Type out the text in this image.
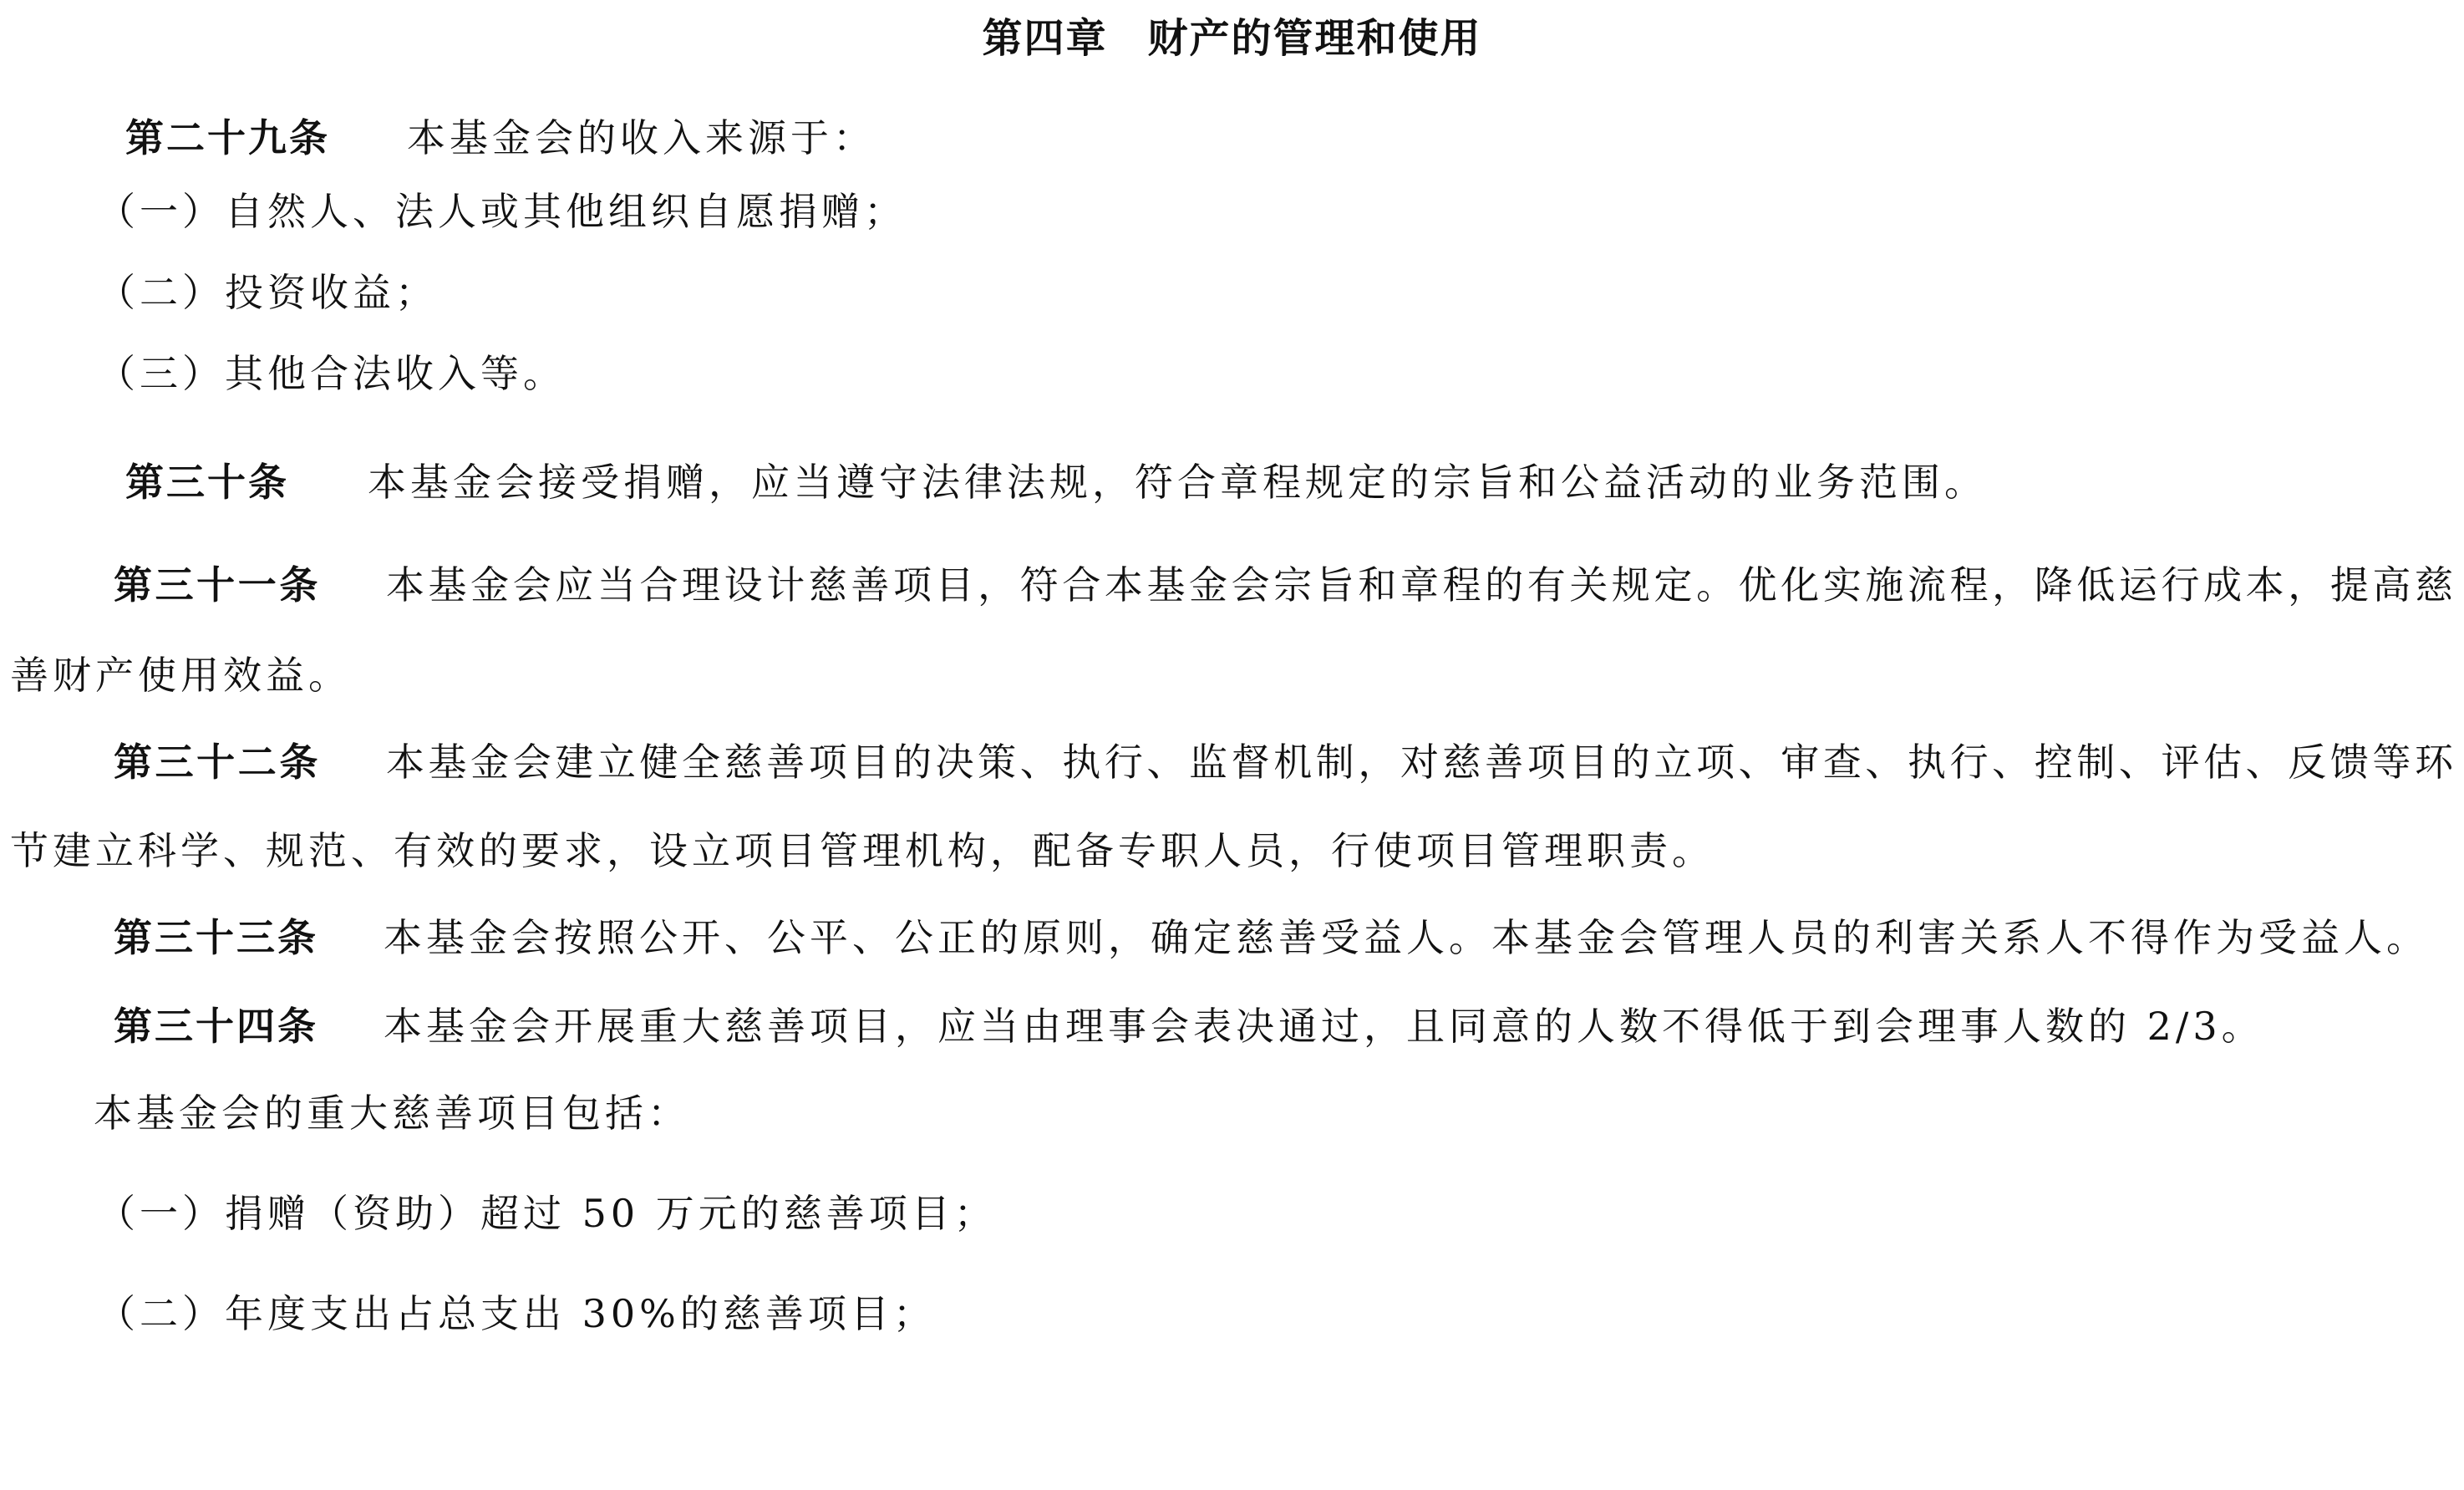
第四章 财产的管理和使用
第二十九条 本基金会的收入来源于：
（一）自然人、法人或其他组织自愿捐赠；
（二）投资收益；
（三）其他合法收入等。
第三十条 本基金会接受捐赠，应当遵守法律法规，符合章程规定的宗旨和公益活动的业务范围。
第三十一条 本基金会应当合理设计慈善项目，符合本基金会宗旨和章程的有关规定。优化实施流程，降低运行成本，提高慈
善财产使用效益。
第三十二条 本基金会建立健全慈善项目的决策、执行、监督机制，对慈善项目的立项、审查、执行、控制、评估、反馈等环
节建立科学、规范、有效的要求，设立项目管理机构，配备专职人员，行使项目管理职责。
第三十三条 本基金会按照公开、公平、公正的原则，确定慈善受益人。本基金会管理人员的利害关系人不得作为受益人。
第三十四条 本基金会开展重大慈善项目，应当由理事会表决通过，且同意的人数不得低于到会理事人数的 2/3。
本基金会的重大慈善项目包括：
（一）捐赠（资助）超过 50 万元的慈善项目；
（二）年度支出占总支出 30%的慈善项目；
